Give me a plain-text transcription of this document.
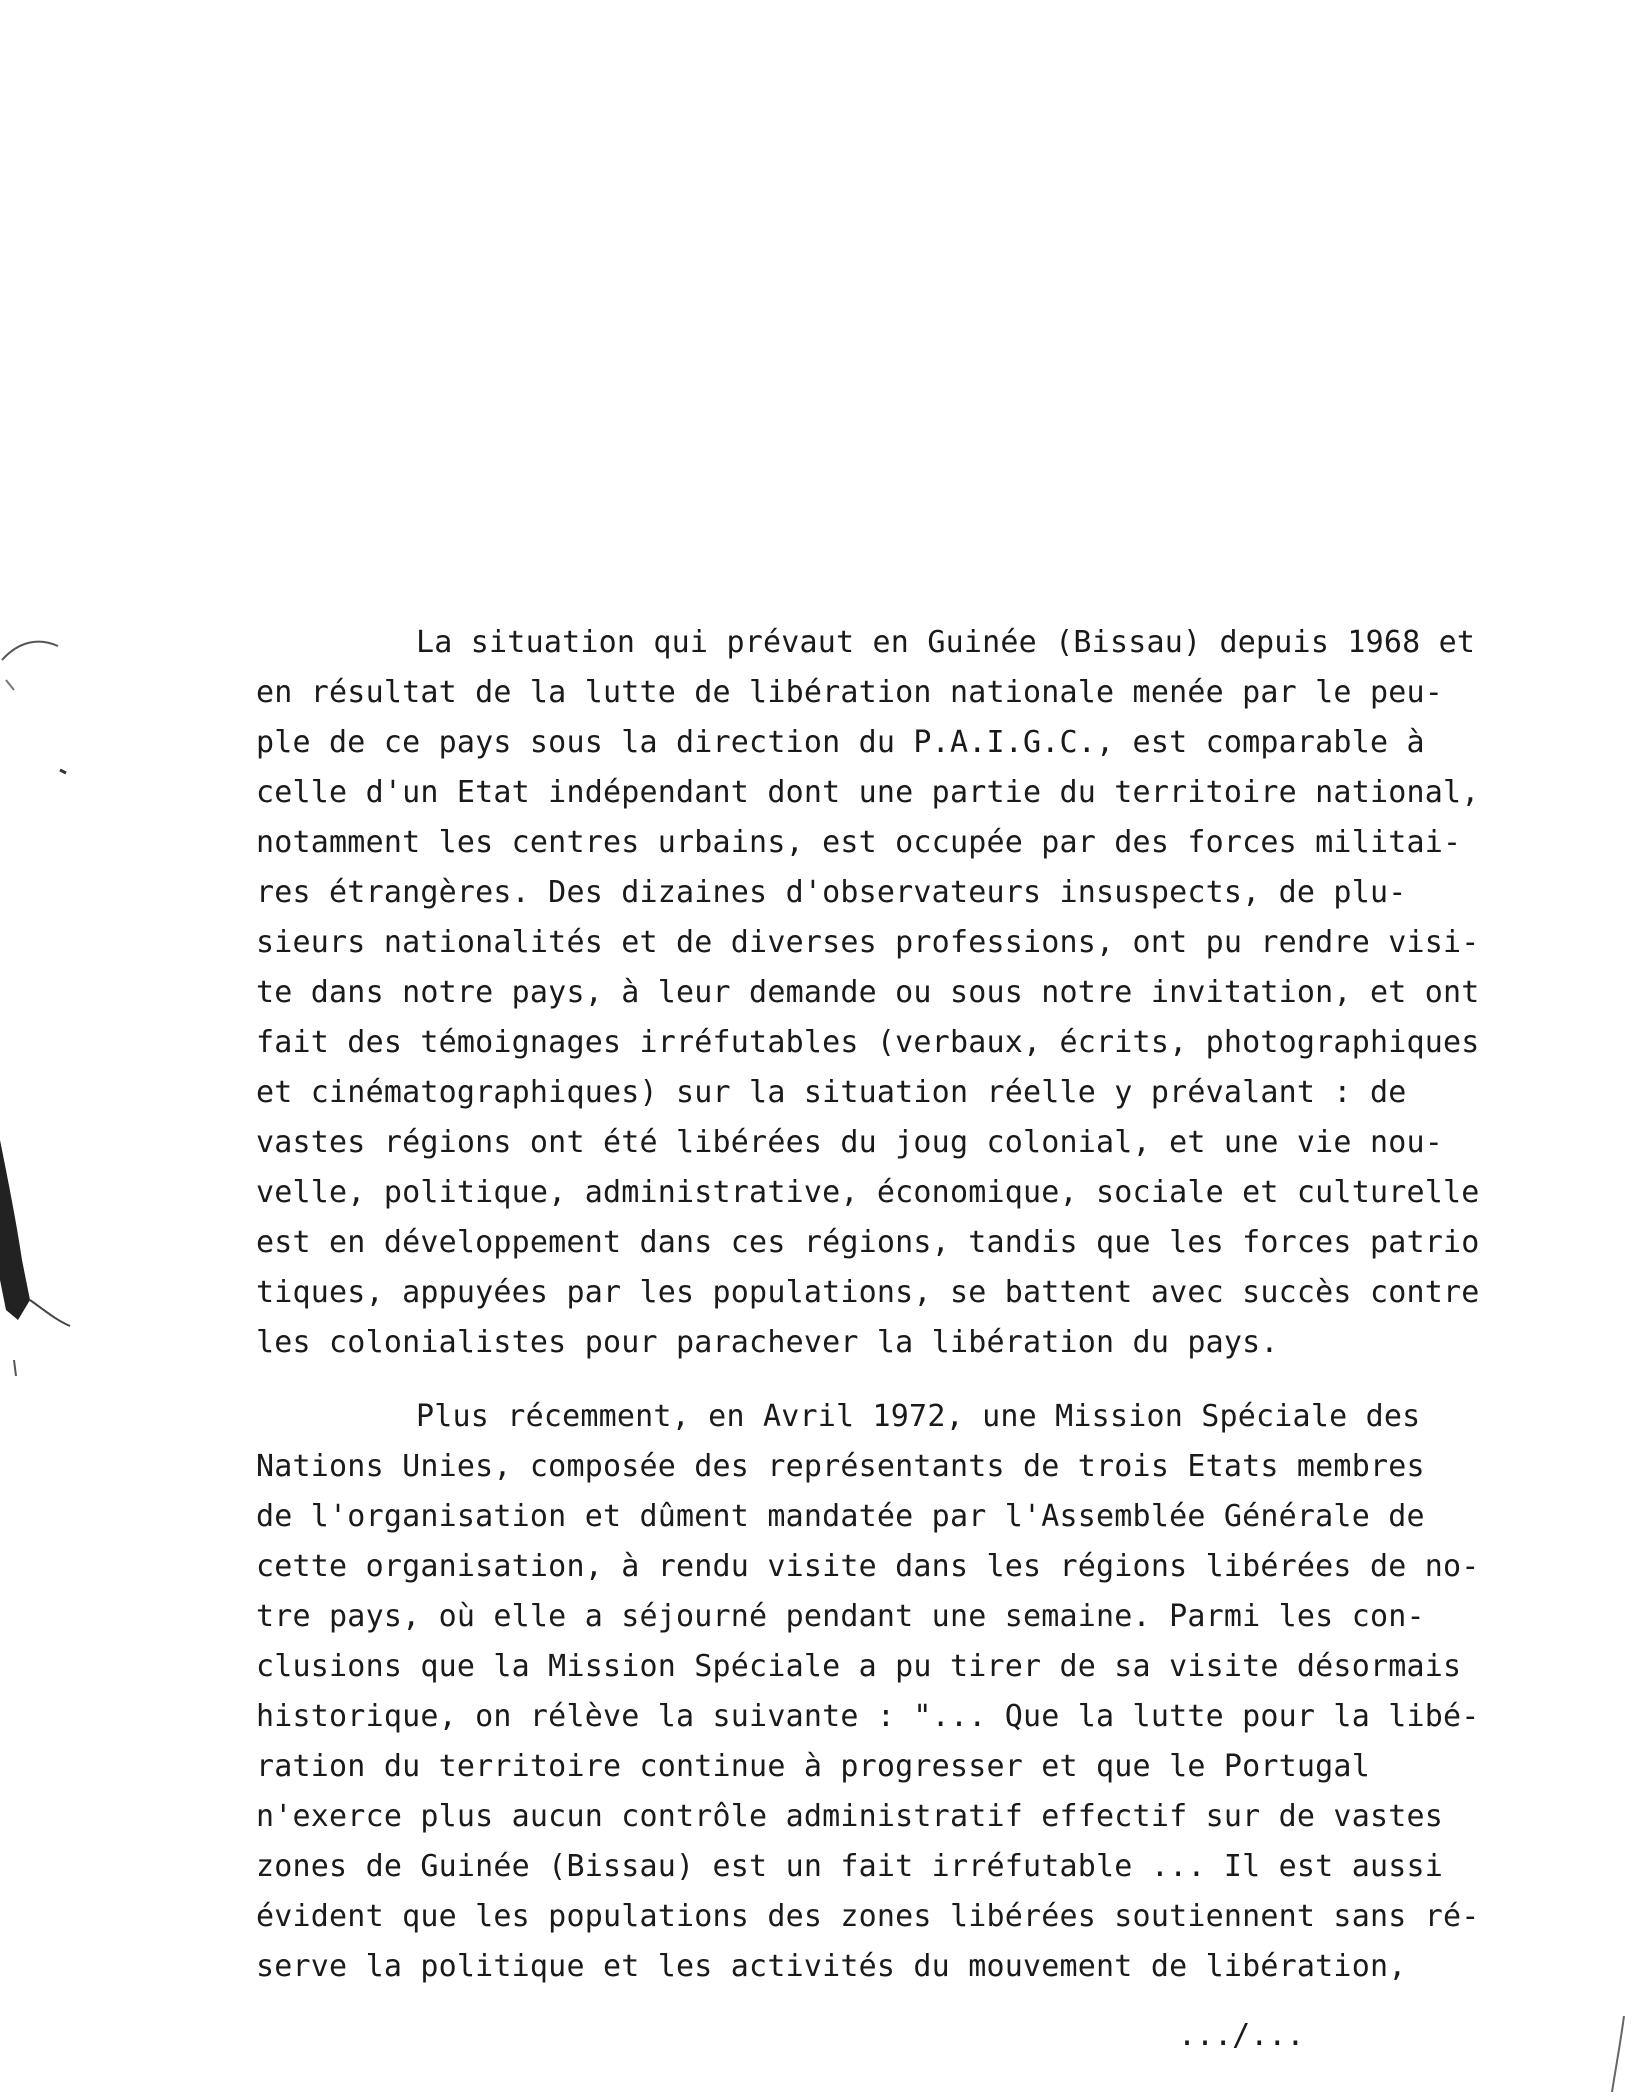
La situation qui prévaut en Guinée (Bissau) depuis 1968 et
en résultat de la lutte de libération nationale menée par le peu-
ple de ce pays sous la direction du P.A.I.G.C., est comparable à
celle d'un Etat indépendant dont une partie du territoire national,
notamment les centres urbains, est occupée par des forces militai-
res étrangères. Des dizaines d'observateurs insuspects, de plu-
sieurs nationalités et de diverses professions, ont pu rendre visi-
te dans notre pays, à leur demande ou sous notre invitation, et ont
fait des témoignages irréfutables (verbaux, écrits, photographiques
et cinématographiques) sur la situation réelle y prévalant : de
vastes régions ont été libérées du joug colonial, et une vie nou-
velle, politique, administrative, économique, sociale et culturelle
est en développement dans ces régions, tandis que les forces patrio
tiques, appuyées par les populations, se battent avec succès contre
les colonialistes pour parachever la libération du pays.
Plus récemment, en Avril 1972, une Mission Spéciale des
Nations Unies, composée des représentants de trois Etats membres
de l'organisation et dûment mandatée par l'Assemblée Générale de
cette organisation, à rendu visite dans les régions libérées de no-
tre pays, où elle a séjourné pendant une semaine. Parmi les con-
clusions que la Mission Spéciale a pu tirer de sa visite désormais
historique, on rélève la suivante : "... Que la lutte pour la libé-
ration du territoire continue à progresser et que le Portugal
n'exerce plus aucun contrôle administratif effectif sur de vastes
zones de Guinée (Bissau) est un fait irréfutable ... Il est aussi
évident que les populations des zones libérées soutiennent sans ré-
serve la politique et les activités du mouvement de libération,
.../...
